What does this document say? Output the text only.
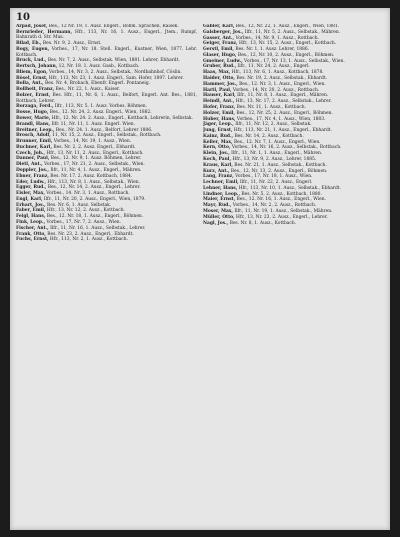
10
Arpad, Josef, Bes., 12 Nr. 19, 1. Ausz. Engerl., Böhm. Sprachen, Raisek.
Bernrieder, Hermann, Hfr., 113, Nr. 16, 1. Ausz., Engerl., Jtem., Rumpf, Bahnrath d. Str. Mus.
Bilad, Eb., Bes. Nr. 9, 2. Ausz., Ernst.
Bogy, Eugen, Vorbes., 17, Nr. 18. Stell. Engerl., Kustner, Wien, 1877. Lehr. Kottbach.
Bruck, Lud., Bes. Nr. 7, 2. Ausz., Selbstak. Wien, 1881. Lehrer, Ebhardt.
Bertsch, Johann, 12, Nr. 18. 1. Ausz. Gasb., Kottbach.
Bliem, Egon, Vorbes., 14, Nr. 3, 2. Ausz., Selbstak., Nordbahnhof, Cöslin.
Bösel, Ernst, Hfr., 113, Nr. 23, 1. Ausz. Engerl., Sam. Hofer, 1897. Lehrer.
Bolla, Ant., Bes. Nr. 4, Brobach, Ebenfr. Engerl. Pontaneig.
Bollheit, Franz, Bes., Nr. 22, 1. Ausz., Kaiser.
Bolzer, Ernst, Bes. Hfr., 11, Nr. 6, 1. Ausz., Belfort, Engerl. Ant. Bes., 1881, Rottbach, Lehrer.
Borzaga, Ferd., Ilfr., 113, Nr. 5, 1. Ausz. Vorbes. Böhmen.
Bosse, Hugo, Bes., 12. Nr. 24, 2. Ausz. Engerl., Wien, 1882.
Bower, Marie, Hfr., 12. Nr. 24. 2. Ausz., Engerl., Kottbach, Lehrerin, Selbstak.
Brandl, Hans, Ilfr. 11, Nr. 11, 1. Ausz. Engerl. Wien.
Breitner, Leop., Bes., Nr. 24. 1. Ausz., Belfort, Lehrer 1886.
Brosch, Adolf, 11, Nr. 15, 2. Ausz., Engerl., Selbstak., Rottbach.
Brunner, Emil, Vorbes., 14, Nr. 19, 1. Ausz., Wien.
Buchner, Karl, Bes. Nr. 2, 2. Ausz. Engerl., Ebhardt.
Czech, Joh., Hfr., 13, Nr. 11, 2. Ausz., Engerl., Kottbach.
Danner, Paul, Bes., 12. Nr. 9, 1. Ausz. Böhmen, Lehrer.
Dietl, Ant., Vorbes., 17, Nr. 21, 2. Ausz., Selbstak., Wien.
Doppler, Jos., Ilfr., 11, Nr. 4, 1. Ausz., Engerl., Mähren.
Ebner, Franz, Bes. Nr. 17. 2. Ausz. Kottbach, 1884.
Eder, Ludw., Hfr., 113, Nr. 8, 1. Ausz., Selbstak., Wien.
Egger, Rud., Bes., 12, Nr. 14, 2. Ausz., Engerl., Lehrer.
Eisler, Max, Vorbes., 14. Nr. 3, 1. Ausz., Rottbach.
Engl, Karl, Ilfr., 11, Nr. 20, 2. Ausz., Engerl., Wien, 1879.
Erhart, Jos., Bes. Nr. 6, 1. Ausz. Selbstak.
Faber, Emil, Hfr., 13, Nr. 12, 2. Ausz., Kottbach.
Feigl, Hans, Bes., 12. Nr. 18, 1. Ausz., Engerl., Böhmen.
Fink, Leop., Vorbes., 17, Nr. 7, 2. Ausz., Wien.
Fischer, Ant., Ilfr., 11, Nr. 16, 1. Ausz., Selbstak., Lehrer.
Frank, Otto, Bes. Nr. 23, 2. Ausz., Engerl., Ebhardt.
Fuchs, Ernst, Hfr., 113, Nr. 2, 1. Ausz., Kottbach.
Gabler, Karl, Bes., 12, Nr. 22, 1. Ausz., Engerl., Wien, 1881.
Gaisberger, Jos., Ilfr., 11, Nr. 5, 2. Ausz., Selbstak., Mähren.
Gasser, Ant., Vorbes., 14, Nr. 9, 1. Ausz., Rottbach.
Geiger, Franz, Hfr., 13, Nr. 15, 2. Ausz., Engerl., Kottbach.
Gerstl, Emil, Bes. Nr. 1, 1. Ausz. Lehrer, 1886.
Glaser, Hugo, Bes., 12, Nr. 10, 2. Ausz., Engerl., Böhmen.
Gmeiner, Ludw., Vorbes., 17, Nr. 13, 1. Ausz., Selbstak., Wien.
Gruber, Rud., Ilfr., 11, Nr. 24, 2. Ausz., Engerl.
Haas, Max, Hfr., 113, Nr. 6, 1. Ausz., Kottbach, 1878.
Haider, Otto, Bes. Nr. 19, 2. Ausz., Selbstak., Ebhardt.
Hammer, Jos., Bes., 12. Nr. 3, 1. Ausz., Engerl., Wien.
Hartl, Paul, Vorbes., 14, Nr. 20, 2. Ausz., Rottbach.
Hauser, Karl, Ilfr., 11, Nr. 8, 1. Ausz., Engerl., Mähren.
Heindl, Ant., Hfr., 13, Nr. 17, 2. Ausz., Selbstak., Lehrer.
Hofer, Franz, Bes. Nr. 11, 1. Ausz., Kottbach.
Holzer, Emil, Bes., 12, Nr. 25, 2. Ausz., Engerl., Böhmen.
Huber, Hans, Vorbes., 17, Nr. 4, 1. Ausz., Wien, 1883.
Jäger, Leop., Ilfr., 11, Nr. 12, 2. Ausz., Selbstak.
Jung, Ernst, Hfr., 113, Nr. 21, 1. Ausz., Engerl., Ebhardt.
Kainz, Rud., Bes. Nr. 14, 2. Ausz., Kottbach.
Keller, Max, Bes., 12. Nr. 7, 1. Ausz., Engerl., Wien.
Kern, Otto, Vorbes., 14, Nr. 16, 2. Ausz., Selbstak., Rottbach.
Klein, Jos., Ilfr., 11, Nr. 1, 1. Ausz., Engerl., Mähren.
Koch, Paul, Hfr., 13, Nr. 9, 2. Ausz., Lehrer, 1885.
Kraus, Karl, Bes. Nr. 21, 1. Ausz., Selbstak., Kottbach.
Kurz, Ant., Bes., 12, Nr. 13, 2. Ausz., Engerl., Böhmen.
Lang, Franz, Vorbes., 17, Nr. 18, 1. Ausz., Wien.
Lechner, Emil, Ilfr., 11, Nr. 22, 2. Ausz., Engerl.
Lehner, Hans, Hfr., 113, Nr. 10, 1. Ausz., Selbstak., Ebhardt.
Lindner, Leop., Bes. Nr. 5, 2. Ausz., Kottbach, 1880.
Maier, Ernst, Bes., 12. Nr. 16, 1. Ausz., Engerl., Wien.
Mayr, Rud., Vorbes., 14, Nr. 2, 2. Ausz., Rottbach.
Moser, Max, Ilfr., 11, Nr. 19, 1. Ausz., Selbstak., Mähren.
Müller, Otto, Hfr., 13, Nr. 23, 2. Ausz., Engerl., Lehrer.
Nagl, Jos., Bes. Nr. 8, 1. Ausz., Kottbach.
